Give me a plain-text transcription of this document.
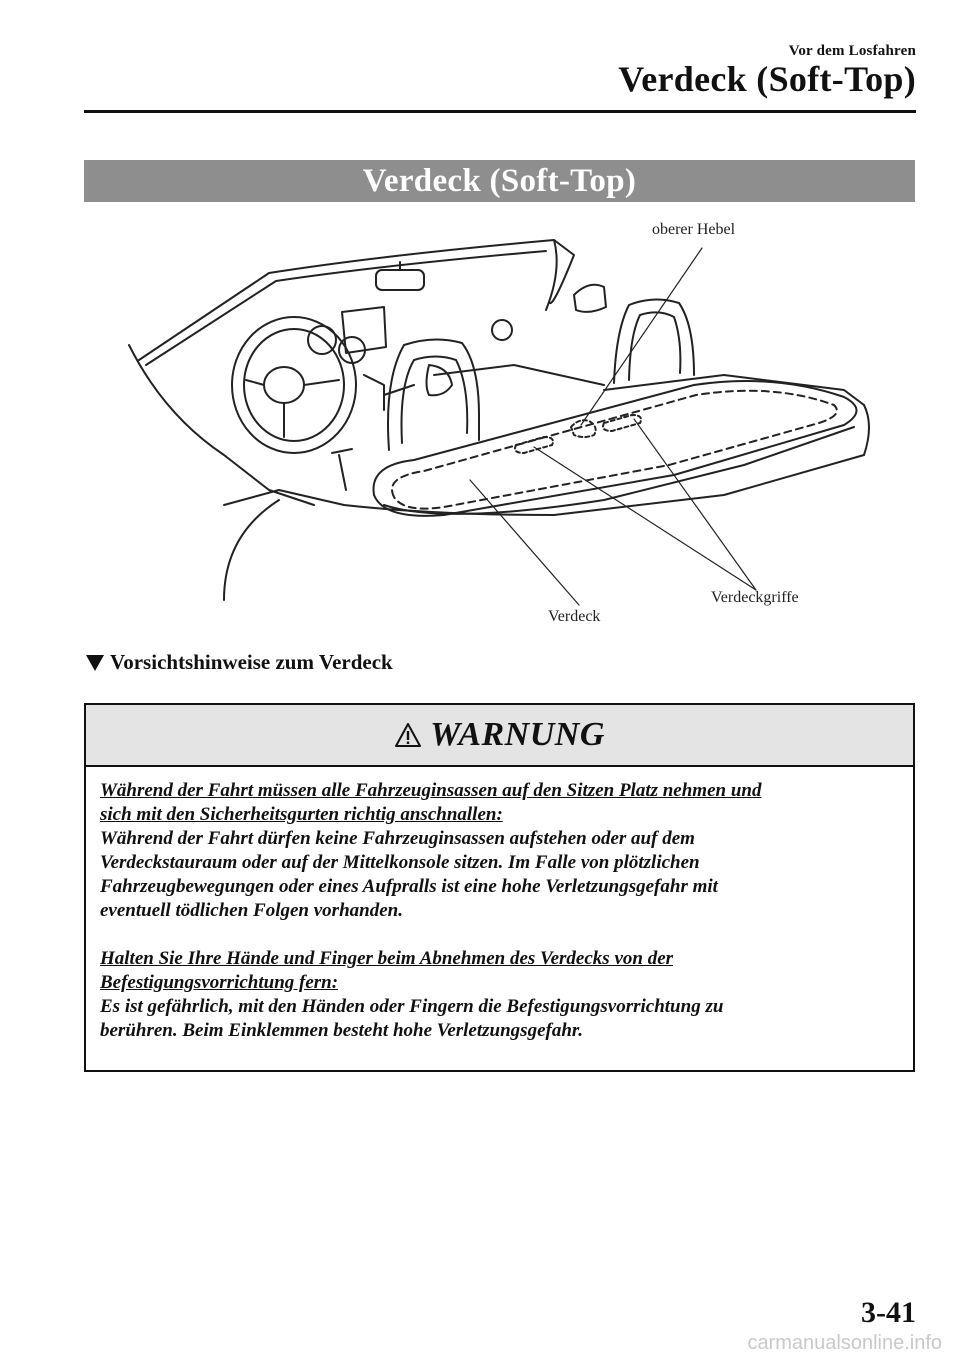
Vor dem Losfahren
Verdeck (Soft-Top)
Verdeck (Soft-Top)
oberer Hebel
Verdeck
Verdeckgriffe
Vorsichtshinweise zum Verdeck
WARNUNG

Während der Fahrt müssen alle Fahrzeuginsassen auf den Sitzen Platz nehmen und

sich mit den Sicherheitsgurten richtig anschnallen:

Während der Fahrt dürfen keine Fahrzeuginsassen aufstehen oder auf dem

Verdeckstauraum oder auf der Mittelkonsole sitzen. Im Falle von plötzlichen

Fahrzeugbewegungen oder eines Aufpralls ist eine hohe Verletzungsgefahr mit

eventuell tödlichen Folgen vorhanden.

Halten Sie Ihre Hände und Finger beim Abnehmen des Verdecks von der

Befestigungsvorrichtung fern:

Es ist gefährlich, mit den Händen oder Fingern die Befestigungsvorrichtung zu

berühren. Beim Einklemmen besteht hohe Verletzungsgefahr.

3-41
carmanualsonline.info
